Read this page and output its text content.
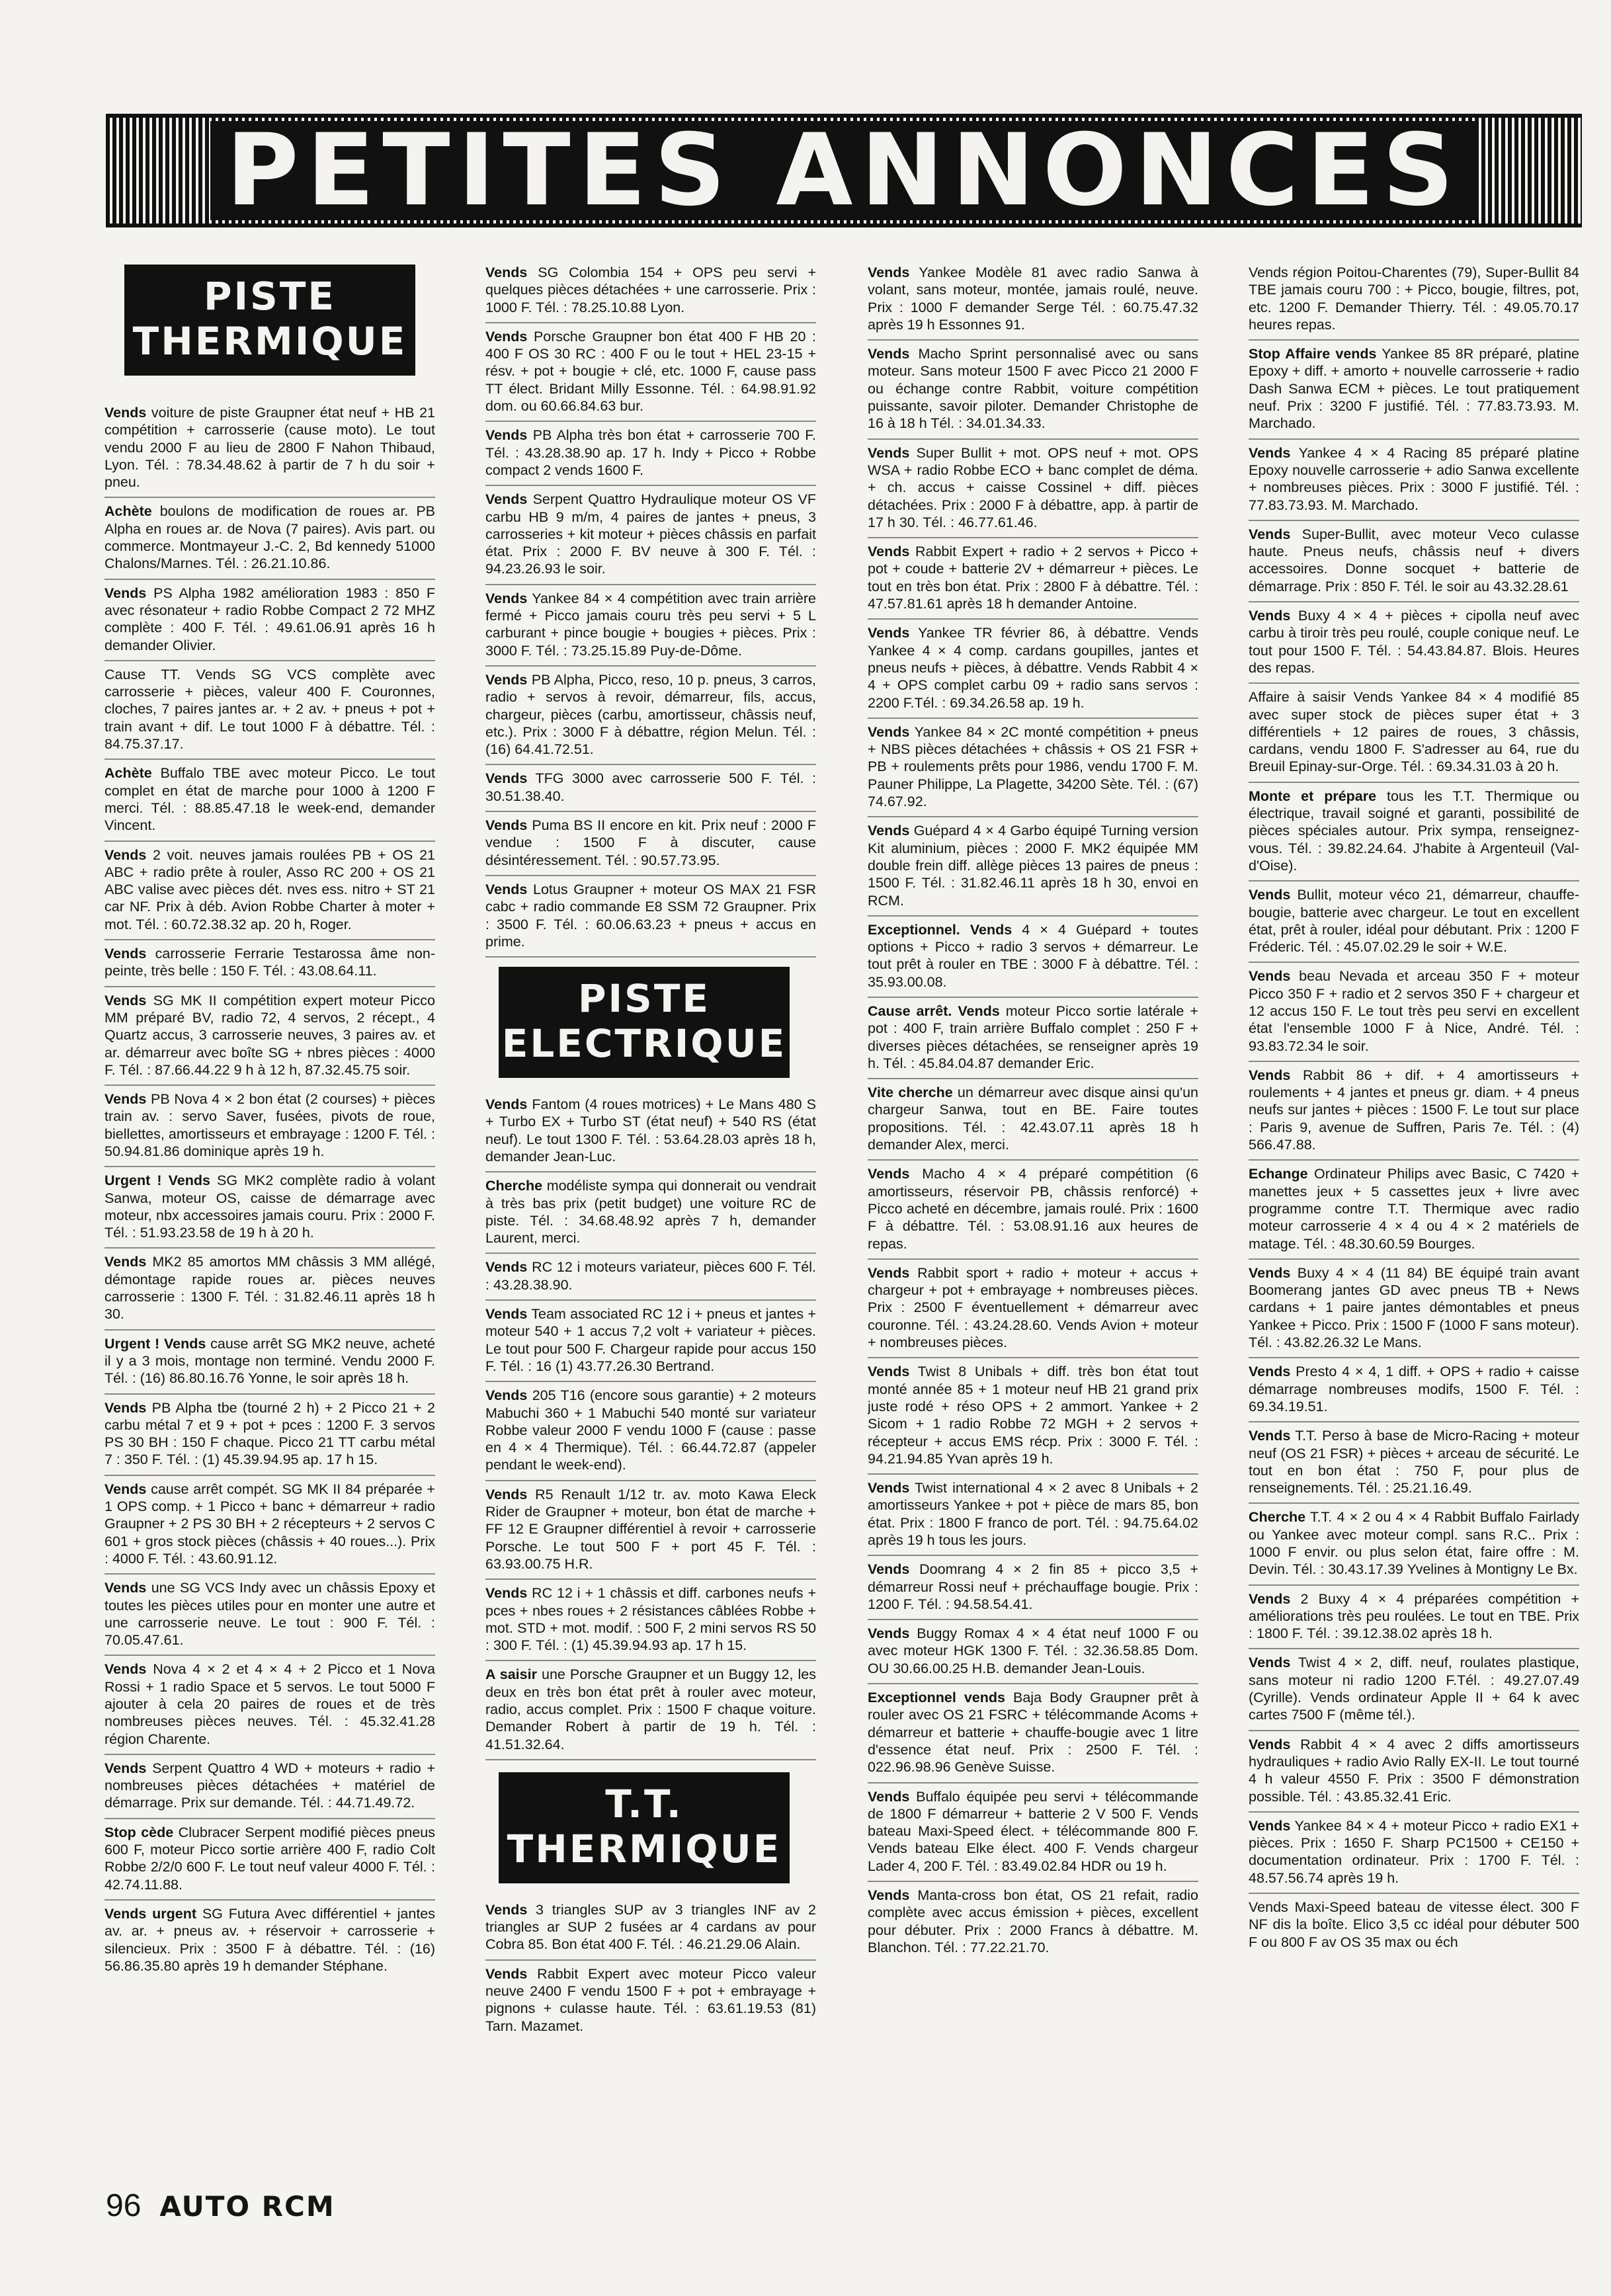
PETITES ANNONCES
PISTE THERMIQUE
Vends voiture de piste Graupner état neuf + HB 21 compétition + carrosserie (cause moto). Le tout vendu 2000 F au lieu de 2800 F Nahon Thibaud, Lyon. Tél. : 78.34.48.62 à partir de 7 h du soir + pneu.
Achète boulons de modification de roues ar. PB Alpha en roues ar. de Nova (7 paires). Avis part. ou commerce. Montmayeur J.-C. 2, Bd kennedy 51000 Chalons/Marnes. Tél. : 26.21.10.86.
Vends PS Alpha 1982 amélioration 1983 : 850 F avec résonateur + radio Robbe Compact 2 72 MHZ complète : 400 F. Tél. : 49.61.06.91 après 16 h demander Olivier.
Cause TT. Vends SG VCS complète avec carrosserie + pièces, valeur 400 F. Couronnes, cloches, 7 paires jantes ar. + 2 av. + pneus + pot + train avant + dif. Le tout 1000 F à débattre. Tél. : 84.75.37.17.
Achète Buffalo TBE avec moteur Picco. Le tout complet en état de marche pour 1000 à 1200 F merci. Tél. : 88.85.47.18 le week-end, demander Vincent.
Vends 2 voit. neuves jamais roulées PB + OS 21 ABC + radio prête à rouler, Asso RC 200 + OS 21 ABC valise avec pièces dét. nves ess. nitro + ST 21 car NF. Prix à déb. Avion Robbe Charter à moter + mot. Tél. : 60.72.38.32 ap. 20 h, Roger.
Vends carrosserie Ferrarie Testarossa âme non-peinte, très belle : 150 F. Tél. : 43.08.64.11.
Vends SG MK II compétition expert moteur Picco MM préparé BV, radio 72, 4 servos, 2 récept., 4 Quartz accus, 3 carrosserie neuves, 3 paires av. et ar. démarreur avec boîte SG + nbres pièces : 4000 F. Tél. : 87.66.44.22 9 h à 12 h, 87.32.45.75 soir.
Vends PB Nova 4 × 2 bon état (2 courses) + pièces train av. : servo Saver, fusées, pivots de roue, biellettes, amortisseurs et embrayage : 1200 F. Tél. : 50.94.81.86 dominique après 19 h.
Urgent ! Vends SG MK2 complète radio à volant Sanwa, moteur OS, caisse de démarrage avec moteur, nbx accessoires jamais couru. Prix : 2000 F. Tél. : 51.93.23.58 de 19 h à 20 h.
Vends MK2 85 amortos MM châssis 3 MM allégé, démontage rapide roues ar. pièces neuves carrosserie : 1300 F. Tél. : 31.82.46.11 après 18 h 30.
Urgent ! Vends cause arrêt SG MK2 neuve, acheté il y a 3 mois, montage non terminé. Vendu 2000 F. Tél. : (16) 86.80.16.76 Yonne, le soir après 18 h.
Vends PB Alpha tbe (tourné 2 h) + 2 Picco 21 + 2 carbu métal 7 et 9 + pot + pces : 1200 F. 3 servos PS 30 BH : 150 F chaque. Picco 21 TT carbu métal 7 : 350 F. Tél. : (1) 45.39.94.95 ap. 17 h 15.
Vends cause arrêt compét. SG MK II 84 préparée + 1 OPS comp. + 1 Picco + banc + démarreur + radio Graupner + 2 PS 30 BH + 2 récepteurs + 2 servos C 601 + gros stock pièces (châssis + 40 roues...). Prix : 4000 F. Tél. : 43.60.91.12.
Vends une SG VCS Indy avec un châssis Epoxy et toutes les pièces utiles pour en monter une autre et une carrosserie neuve. Le tout : 900 F. Tél. : 70.05.47.61.
Vends Nova 4 × 2 et 4 × 4 + 2 Picco et 1 Nova Rossi + 1 radio Space et 5 servos. Le tout 5000 F ajouter à cela 20 paires de roues et de très nombreuses pièces neuves. Tél. : 45.32.41.28 région Charente.
Vends Serpent Quattro 4 WD + moteurs + radio + nombreuses pièces détachées + matériel de démarrage. Prix sur demande. Tél. : 44.71.49.72.
Stop cède Clubracer Serpent modifié pièces pneus 600 F, moteur Picco sortie arrière 400 F, radio Colt Robbe 2/2/0 600 F. Le tout neuf valeur 4000 F. Tél. : 42.74.11.88.
Vends urgent SG Futura Avec différentiel + jantes av. ar. + pneus av. + réservoir + carrosserie + silencieux. Prix : 3500 F à débattre. Tél. : (16) 56.86.35.80 après 19 h demander Stéphane.
Vends SG Colombia 154 + OPS peu servi + quelques pièces détachées + une carrosserie. Prix : 1000 F. Tél. : 78.25.10.88 Lyon.
Vends Porsche Graupner bon état 400 F HB 20 : 400 F OS 30 RC : 400 F ou le tout + HEL 23-15 + résv. + pot + bougie + clé, etc. 1000 F, cause pass TT élect. Bridant Milly Essonne. Tél. : 64.98.91.92 dom. ou 60.66.84.63 bur.
Vends PB Alpha très bon état + carrosserie 700 F. Tél. : 43.28.38.90 ap. 17 h. Indy + Picco + Robbe compact 2 vends 1600 F.
Vends Serpent Quattro Hydraulique moteur OS VF carbu HB 9 m/m, 4 paires de jantes + pneus, 3 carrosseries + kit moteur + pièces châssis en parfait état. Prix : 2000 F. BV neuve à 300 F. Tél. : 94.23.26.93 le soir.
Vends Yankee 84 × 4 compétition avec train arrière fermé + Picco jamais couru très peu servi + 5 L carburant + pince bougie + bougies + pièces. Prix : 3000 F. Tél. : 73.25.15.89 Puy-de-Dôme.
Vends PB Alpha, Picco, reso, 10 p. pneus, 3 carros, radio + servos à revoir, démarreur, fils, accus, chargeur, pièces (carbu, amortisseur, châssis neuf, etc.). Prix : 3000 F à débattre, région Melun. Tél. : (16) 64.41.72.51.
Vends TFG 3000 avec carrosserie 500 F. Tél. : 30.51.38.40.
Vends Puma BS II encore en kit. Prix neuf : 2000 F vendue : 1500 F à discuter, cause désintéressement. Tél. : 90.57.73.95.
Vends Lotus Graupner + moteur OS MAX 21 FSR cabc + radio commande E8 SSM 72 Graupner. Prix : 3500 F. Tél. : 60.06.63.23 + pneus + accus en prime.
PISTE ELECTRIQUE
Vends Fantom (4 roues motrices) + Le Mans 480 S + Turbo EX + Turbo ST (état neuf) + 540 RS (état neuf). Le tout 1300 F. Tél. : 53.64.28.03 après 18 h, demander Jean-Luc.
Cherche modéliste sympa qui donnerait ou vendrait à très bas prix (petit budget) une voiture RC de piste. Tél. : 34.68.48.92 après 7 h, demander Laurent, merci.
Vends RC 12 i moteurs variateur, pièces 600 F. Tél. : 43.28.38.90.
Vends Team associated RC 12 i + pneus et jantes + moteur 540 + 1 accus 7,2 volt + variateur + pièces. Le tout pour 500 F. Chargeur rapide pour accus 150 F. Tél. : 16 (1) 43.77.26.30 Bertrand.
Vends 205 T16 (encore sous garantie) + 2 moteurs Mabuchi 360 + 1 Mabuchi 540 monté sur variateur Robbe valeur 2000 F vendu 1000 F (cause : passe en 4 × 4 Thermique). Tél. : 66.44.72.87 (appeler pendant le week-end).
Vends R5 Renault 1/12 tr. av. moto Kawa Eleck Rider de Graupner + moteur, bon état de marche + FF 12 E Graupner différentiel à revoir + carrosserie Porsche. Le tout 500 F + port 45 F. Tél. : 63.93.00.75 H.R.
Vends RC 12 i + 1 châssis et diff. carbones neufs + pces + nbes roues + 2 résistances câblées Robbe + mot. STD + mot. modif. : 500 F, 2 mini servos RS 50 : 300 F. Tél. : (1) 45.39.94.93 ap. 17 h 15.
A saisir une Porsche Graupner et un Buggy 12, les deux en très bon état prêt à rouler avec moteur, radio, accus complet. Prix : 1500 F chaque voiture. Demander Robert à partir de 19 h. Tél. : 41.51.32.64.
T.T. THERMIQUE
Vends 3 triangles SUP av 3 triangles INF av 2 triangles ar SUP 2 fusées ar 4 cardans av pour Cobra 85. Bon état 400 F. Tél. : 46.21.29.06 Alain.
Vends Rabbit Expert avec moteur Picco valeur neuve 2400 F vendu 1500 F + pot + embrayage + pignons + culasse haute. Tél. : 63.61.19.53 (81) Tarn. Mazamet.
Vends Yankee Modèle 81 avec radio Sanwa à volant, sans moteur, montée, jamais roulé, neuve. Prix : 1000 F demander Serge Tél. : 60.75.47.32 après 19 h Essonnes 91.
Vends Macho Sprint personnalisé avec ou sans moteur. Sans moteur 1500 F avec Picco 21 2000 F ou échange contre Rabbit, voiture compétition puissante, savoir piloter. Demander Christophe de 16 à 18 h Tél. : 34.01.34.33.
Vends Super Bullit + mot. OPS neuf + mot. OPS WSA + radio Robbe ECO + banc complet de déma. + ch. accus + caisse Cossinel + diff. pièces détachées. Prix : 2000 F à débattre, app. à partir de 17 h 30. Tél. : 46.77.61.46.
Vends Rabbit Expert + radio + 2 servos + Picco + pot + coude + batterie 2V + démarreur + pièces. Le tout en très bon état. Prix : 2800 F à débattre. Tél. : 47.57.81.61 après 18 h demander Antoine.
Vends Yankee TR février 86, à débattre. Vends Yankee 4 × 4 comp. cardans goupilles, jantes et pneus neufs + pièces, à débattre. Vends Rabbit 4 × 4 + OPS complet carbu 09 + radio sans servos : 2200 F.Tél. : 69.34.26.58 ap. 19 h.
Vends Yankee 84 × 2C monté compétition + pneus + NBS pièces détachées + châssis + OS 21 FSR + PB + roulements prêts pour 1986, vendu 1700 F. M. Pauner Philippe, La Plagette, 34200 Sète. Tél. : (67) 74.67.92.
Vends Guépard 4 × 4 Garbo équipé Turning version Kit aluminium, pièces : 2000 F. MK2 équipée MM double frein diff. allège pièces 13 paires de pneus : 1500 F. Tél. : 31.82.46.11 après 18 h 30, envoi en RCM.
Exceptionnel. Vends 4 × 4 Guépard + toutes options + Picco + radio 3 servos + démarreur. Le tout prêt à rouler en TBE : 3000 F à débattre. Tél. : 35.93.00.08.
Cause arrêt. Vends moteur Picco sortie latérale + pot : 400 F, train arrière Buffalo complet : 250 F + diverses pièces détachées, se renseigner après 19 h. Tél. : 45.84.04.87 demander Eric.
Vite cherche un démarreur avec disque ainsi qu'un chargeur Sanwa, tout en BE. Faire toutes propositions. Tél. : 42.43.07.11 après 18 h demander Alex, merci.
Vends Macho 4 × 4 préparé compétition (6 amortisseurs, réservoir PB, châssis renforcé) + Picco acheté en décembre, jamais roulé. Prix : 1600 F à débattre. Tél. : 53.08.91.16 aux heures de repas.
Vends Rabbit sport + radio + moteur + accus + chargeur + pot + embrayage + nombreuses pièces. Prix : 2500 F éventuellement + démarreur avec couronne. Tél. : 43.24.28.60. Vends Avion + moteur + nombreuses pièces.
Vends Twist 8 Unibals + diff. très bon état tout monté année 85 + 1 moteur neuf HB 21 grand prix juste rodé + réso OPS + 2 ammort. Yankee + 2 Sicom + 1 radio Robbe 72 MGH + 2 servos + récepteur + accus EMS récp. Prix : 3000 F. Tél. : 94.21.94.85 Yvan après 19 h.
Vends Twist international 4 × 2 avec 8 Unibals + 2 amortisseurs Yankee + pot + pièce de mars 85, bon état. Prix : 1800 F franco de port. Tél. : 94.75.64.02 après 19 h tous les jours.
Vends Doomrang 4 × 2 fin 85 + picco 3,5 + démarreur Rossi neuf + préchauffage bougie. Prix : 1200 F. Tél. : 94.58.54.41.
Vends Buggy Romax 4 × 4 état neuf 1000 F ou avec moteur HGK 1300 F. Tél. : 32.36.58.85 Dom. OU 30.66.00.25 H.B. demander Jean-Louis.
Exceptionnel vends Baja Body Graupner prêt à rouler avec OS 21 FSRC + télécommande Acoms + démarreur et batterie + chauffe-bougie avec 1 litre d'essence état neuf. Prix : 2500 F. Tél. : 022.96.98.96 Genève Suisse.
Vends Buffalo équipée peu servi + télécommande de 1800 F démarreur + batterie 2 V 500 F. Vends bateau Maxi-Speed élect. + télécommande 800 F. Vends bateau Elke élect. 400 F. Vends chargeur Lader 4, 200 F. Tél. : 83.49.02.84 HDR ou 19 h.
Vends Manta-cross bon état, OS 21 refait, radio complète avec accus émission + pièces, excellent pour débuter. Prix : 2000 Francs à débattre. M. Blanchon. Tél. : 77.22.21.70.
Vends région Poitou-Charentes (79), Super-Bullit 84 TBE jamais couru 700 : + Picco, bougie, filtres, pot, etc. 1200 F. Demander Thierry. Tél. : 49.05.70.17 heures repas.
Stop Affaire vends Yankee 85 8R préparé, platine Epoxy + diff. + amorto + nouvelle carrosserie + radio Dash Sanwa ECM + pièces. Le tout pratiquement neuf. Prix : 3200 F justifié. Tél. : 77.83.73.93. M. Marchado.
Vends Yankee 4 × 4 Racing 85 préparé platine Epoxy nouvelle carrosserie + adio Sanwa excellente + nombreuses pièces. Prix : 3000 F justifié. Tél. : 77.83.73.93. M. Marchado.
Vends Super-Bullit, avec moteur Veco culasse haute. Pneus neufs, châssis neuf + divers accessoires. Donne socquet + batterie de démarrage. Prix : 850 F. Tél. le soir au 43.32.28.61
Vends Buxy 4 × 4 + pièces + cipolla neuf avec carbu à tiroir très peu roulé, couple conique neuf. Le tout pour 1500 F. Tél. : 54.43.84.87. Blois. Heures des repas.
Affaire à saisir Vends Yankee 84 × 4 modifié 85 avec super stock de pièces super état + 3 différentiels + 12 paires de roues, 3 châssis, cardans, vendu 1800 F. S'adresser au 64, rue du Breuil Epinay-sur-Orge. Tél. : 69.34.31.03 à 20 h.
Monte et prépare tous les T.T. Thermique ou électrique, travail soigné et garanti, possibilité de pièces spéciales autour. Prix sympa, renseignez-vous. Tél. : 39.82.24.64. J'habite à Argenteuil (Val-d'Oise).
Vends Bullit, moteur véco 21, démarreur, chauffe-bougie, batterie avec chargeur. Le tout en excellent état, prêt à rouler, idéal pour débutant. Prix : 1200 F Fréderic. Tél. : 45.07.02.29 le soir + W.E.
Vends beau Nevada et arceau 350 F + moteur Picco 350 F + radio et 2 servos 350 F + chargeur et 12 accus 150 F. Le tout très peu servi en excellent état l'ensemble 1000 F à Nice, André. Tél. : 93.83.72.34 le soir.
Vends Rabbit 86 + dif. + 4 amortisseurs + roulements + 4 jantes et pneus gr. diam. + 4 pneus neufs sur jantes + pièces : 1500 F. Le tout sur place : Paris 9, avenue de Suffren, Paris 7e. Tél. : (4) 566.47.88.
Echange Ordinateur Philips avec Basic, C 7420 + manettes jeux + 5 cassettes jeux + livre avec programme contre T.T. Thermique avec radio moteur carrosserie 4 × 4 ou 4 × 2 matériels de matage. Tél. : 48.30.60.59 Bourges.
Vends Buxy 4 × 4 (11 84) BE équipé train avant Boomerang jantes GD avec pneus TB + News cardans + 1 paire jantes démontables et pneus Yankee + Picco. Prix : 1500 F (1000 F sans moteur). Tél. : 43.82.26.32 Le Mans.
Vends Presto 4 × 4, 1 diff. + OPS + radio + caisse démarrage nombreuses modifs, 1500 F. Tél. : 69.34.19.51.
Vends T.T. Perso à base de Micro-Racing + moteur neuf (OS 21 FSR) + pièces + arceau de sécurité. Le tout en bon état : 750 F, pour plus de renseignements. Tél. : 25.21.16.49.
Cherche T.T. 4 × 2 ou 4 × 4 Rabbit Buffalo Fairlady ou Yankee avec moteur compl. sans R.C.. Prix : 1000 F envir. ou plus selon état, faire offre : M. Devin. Tél. : 30.43.17.39 Yvelines à Montigny Le Bx.
Vends 2 Buxy 4 × 4 préparées compétition + améliorations très peu roulées. Le tout en TBE. Prix : 1800 F. Tél. : 39.12.38.02 après 18 h.
Vends Twist 4 × 2, diff. neuf, roulates plastique, sans moteur ni radio 1200 F.Tél. : 49.27.07.49 (Cyrille). Vends ordinateur Apple II + 64 k avec cartes 7500 F (même tél.).
Vends Rabbit 4 × 4 avec 2 diffs amortisseurs hydrauliques + radio Avio Rally EX-II. Le tout tourné 4 h valeur 4550 F. Prix : 3500 F démonstration possible. Tél. : 43.85.32.41 Eric.
Vends Yankee 84 × 4 + moteur Picco + radio EX1 + pièces. Prix : 1650 F. Sharp PC1500 + CE150 + documentation ordinateur. Prix : 1700 F. Tél. : 48.57.56.74 après 19 h.
Vends Maxi-Speed bateau de vitesse élect. 300 F NF dis la boîte. Elico 3,5 cc idéal pour débuter 500 F ou 800 F av OS 35 max ou éch
96 AUTO RCM
